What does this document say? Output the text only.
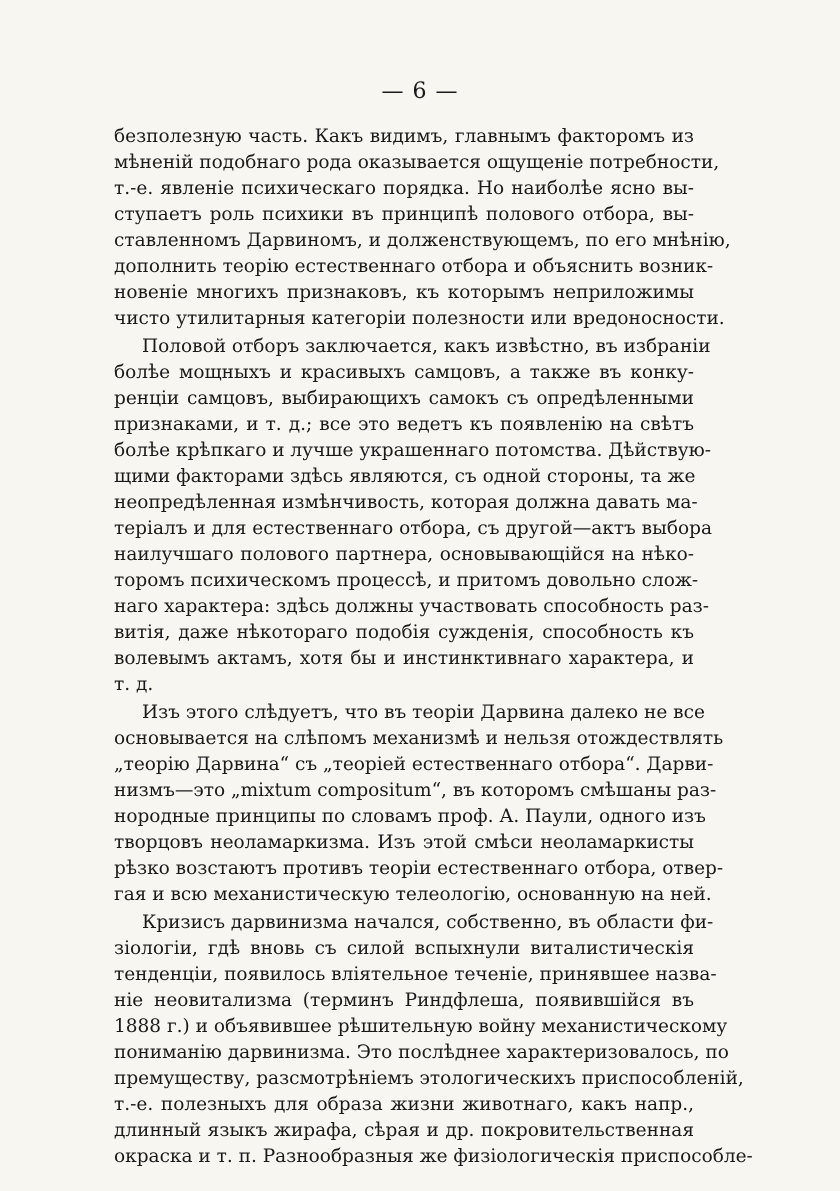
— 6 —
безполезную часть. Какъ видимъ, главнымъ факторомъ из
мѣненій подобнаго рода оказывается ощущеніе потребности,
т.-е. явленіе психическаго порядка. Но наиболѣе ясно вы-
ступаетъ роль психики въ принципѣ полового отбора, вы-
ставленномъ Дарвиномъ, и долженствующемъ, по его мнѣнію,
дополнить теорію естественнаго отбора и объяснить возник-
новеніе многихъ признаковъ, къ которымъ неприложимы
чисто утилитарныя категоріи полезности или вредоносности.
Половой отборъ заключается, какъ извѣстно, въ избраніи
болѣе мощныхъ и красивыхъ самцовъ, а также въ конку-
ренціи самцовъ, выбирающихъ самокъ съ опредѣленными
признаками, и т. д.; все это ведетъ къ появленію на свѣтъ
болѣе крѣпкаго и лучше украшеннаго потомства. Дѣйствую-
щими факторами здѣсь являются, съ одной стороны, та же
неопредѣленная измѣнчивость, которая должна давать ма-
теріалъ и для естественнаго отбора, съ другой—актъ выбора
наилучшаго полового партнера, основывающійся на нѣко-
торомъ психическомъ процессѣ, и притомъ довольно слож-
наго характера: здѣсь должны участвовать способность раз-
витія, даже нѣкотораго подобія сужденія, способность къ
волевымъ актамъ, хотя бы и инстинктивнаго характера, и
т. д.
Изъ этого слѣдуетъ, что въ теоріи Дарвина далеко не все
основывается на слѣпомъ механизмѣ и нельзя отождествлять
„теорію Дарвина“ съ „теоріей естественнаго отбора“. Дарви-
низмъ—это „mixtum compositum“, въ которомъ смѣшаны раз-
нородные принципы по словамъ проф. А. Паули, одного изъ
творцовъ неоламаркизма. Изъ этой смѣси неоламаркисты
рѣзко возстаютъ противъ теоріи естественнаго отбора, отвер-
гая и всю механистическую телеологію, основанную на ней.
Кризисъ дарвинизма начался, собственно, въ области фи-
зіологіи, гдѣ вновь съ силой вспыхнули виталистическія
тенденціи, появилось вліятельное теченіе, принявшее назва-
ніе неовитализма (терминъ Риндфлеша, появившійся въ
1888 г.) и объявившее рѣшительную войну механистическому
пониманію дарвинизма. Это послѣднее характеризовалось, по
премуществу, разсмотрѣніемъ этологическихъ приспособленій,
т.-е. полезныхъ для образа жизни животнаго, какъ напр.,
длинный языкъ жирафа, сѣрая и др. покровительственная
окраска и т. п. Разнообразныя же физіологическія приспособле-
